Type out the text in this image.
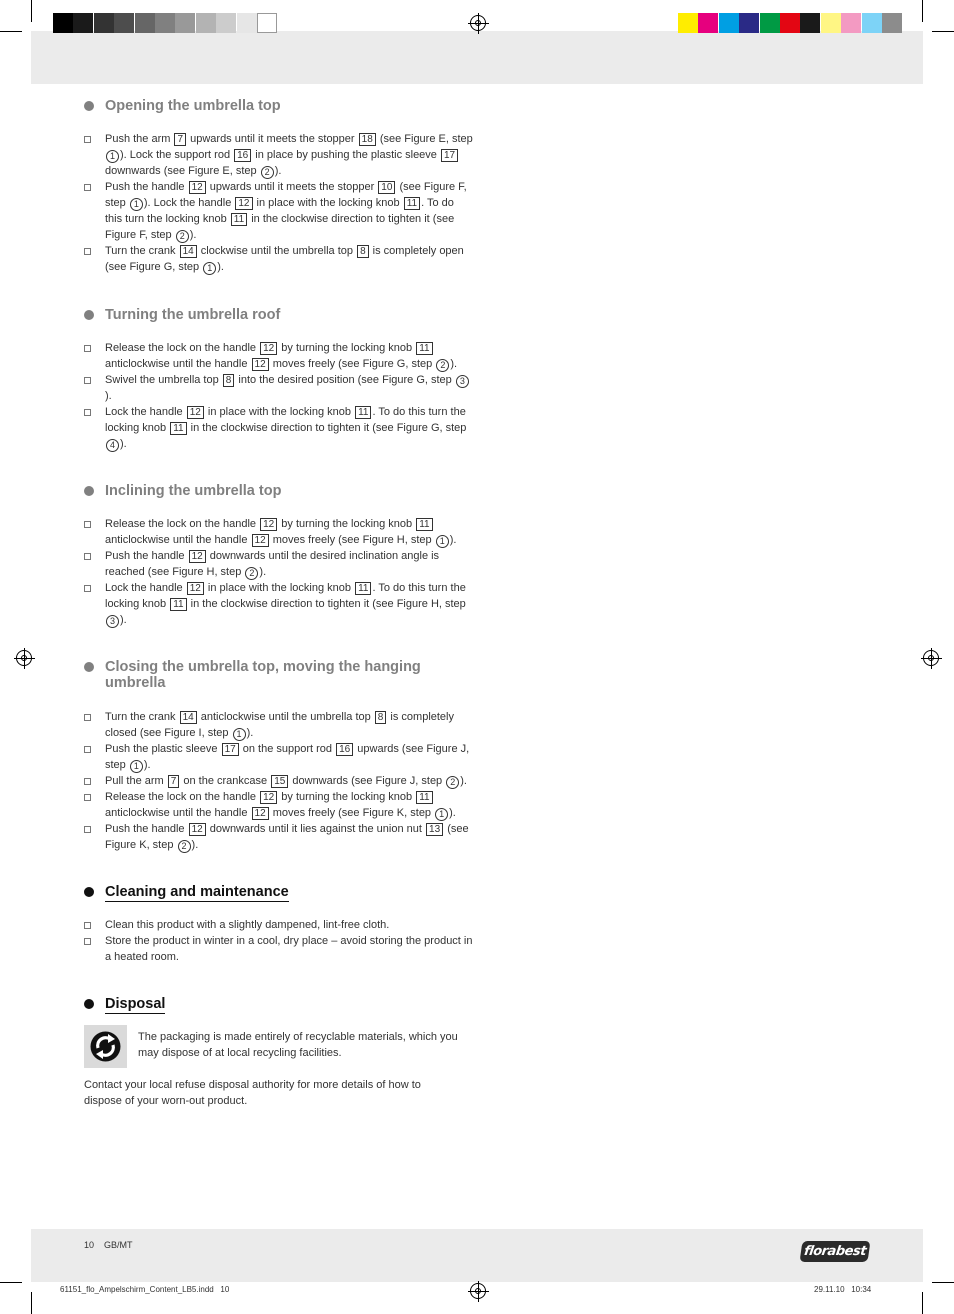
Opening the umbrella top
Push the arm 7 upwards until it meets the stopper 18 (see Figure E, step 1 ). Lock the support rod 16 in place by pushing the plastic sleeve 17 downwards (see Figure E, step 2 ).
Push the handle 12 upwards until it meets the stopper 10 (see Figure F, step 1 ). Lock the handle 12 in place with the locking knob 11 . To do this turn the locking knob 11 in the clockwise direction to tighten it (see Figure F, step 2 ).
Turn the crank 14 clockwise until the umbrella top 8 is completely open (see Figure G, step 1 ).
Turning the umbrella roof
Release the lock on the handle 12 by turning the locking knob 11 anticlockwise until the handle 12 moves freely (see Figure G, step 2 ).
Swivel the umbrella top 8 into the desired position (see Figure G, step 3).
Lock the handle 12 in place with the locking knob 11 . To do this turn the locking knob 11 in the clockwise direction to tighten it (see Figure G, step 4 ).
Inclining the umbrella top
Release the lock on the handle 12 by turning the locking knob 11 anticlockwise until the handle 12 moves freely (see Figure H, step 1 ).
Push the handle 12 downwards until the desired inclination angle is reached (see Figure H, step 2 ).
Lock the handle 12 in place with the locking knob 11 . To do this turn the locking knob 11 in the clockwise direction to tighten it (see Figure H, step 3 ).
Closing the umbrella top, moving the hanging umbrella
Turn the crank 14 anticlockwise until the umbrella top 8 is completely closed (see Figure I, step 1 ).
Push the plastic sleeve 17 on the support rod 16 upwards (see Figure J, step 1 ).
Pull the arm 7 on the crankcase 15 downwards (see Figure J, step 2 ).
Release the lock on the handle 12 by turning the locking knob 11 anticlockwise until the handle 12 moves freely (see Figure K, step 1 ).
Push the handle 12 downwards until it lies against the union nut 13 (see Figure K, step 2 ).
Cleaning and maintenance
Clean this product with a slightly dampened, lint-free cloth.
Store the product in winter in a cool, dry place – avoid storing the product in a heated room.
Disposal
The packaging is made entirely of recyclable materials, which you may dispose of at local recycling facilities.
Contact your local refuse disposal authority for more details of how to dispose of your worn-out product.
10 GB/MT	florabest
61151_flo_Ampelschirm_Content_LB5.indd   10	29.11.10   10:34
